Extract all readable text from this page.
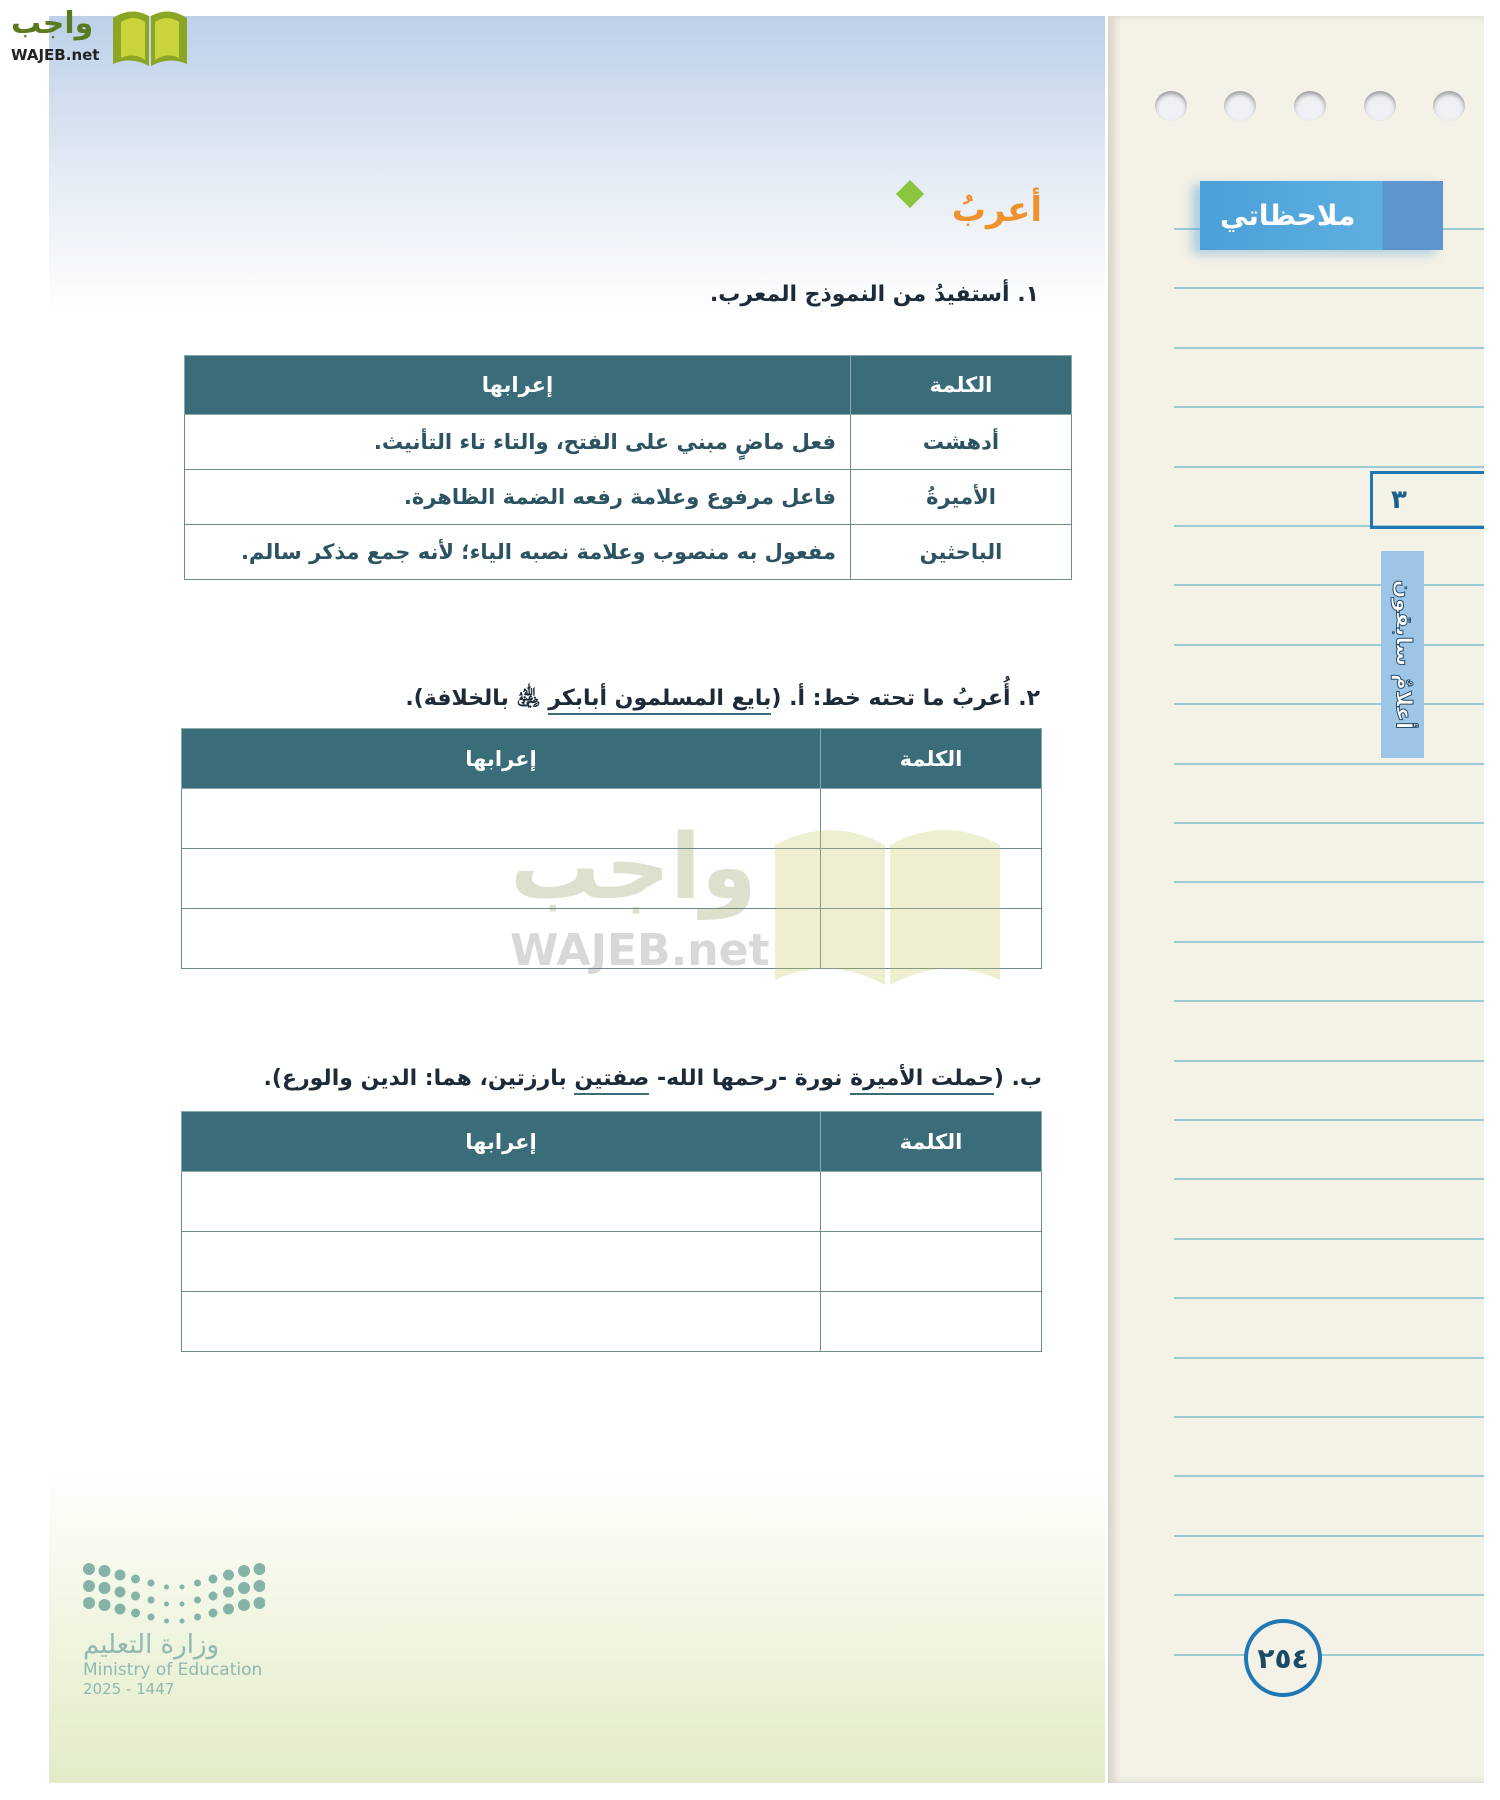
واجب
WAJEB.net
أعربُ
١. أستفيدُ من النموذج المعرب.
الكلمة	إعرابها
أدهشت	فعل ماضٍ مبني على الفتح، والتاء تاء التأنيث.
الأميرةُ	فاعل مرفوع وعلامة رفعه الضمة الظاهرة.
الباحثين	مفعول به منصوب وعلامة نصبه الياء؛ لأنه جمع مذكر سالم.
٢. أُعربُ ما تحته خط: أ. (بايع المسلمون أبابكر ﵁ بالخلافة).
الكلمة	إعرابها

واجب
WAJEB.net
ب. (حملت الأميرة نورة -رحمها الله- صفتين بارزتين، هما: الدين والورع).
الكلمة	إعرابها

وزارة التعليم
Ministry of Education
2025 - 1447
ملاحظاتي
٣
أعلامٌ سابقون
٢٥٤
